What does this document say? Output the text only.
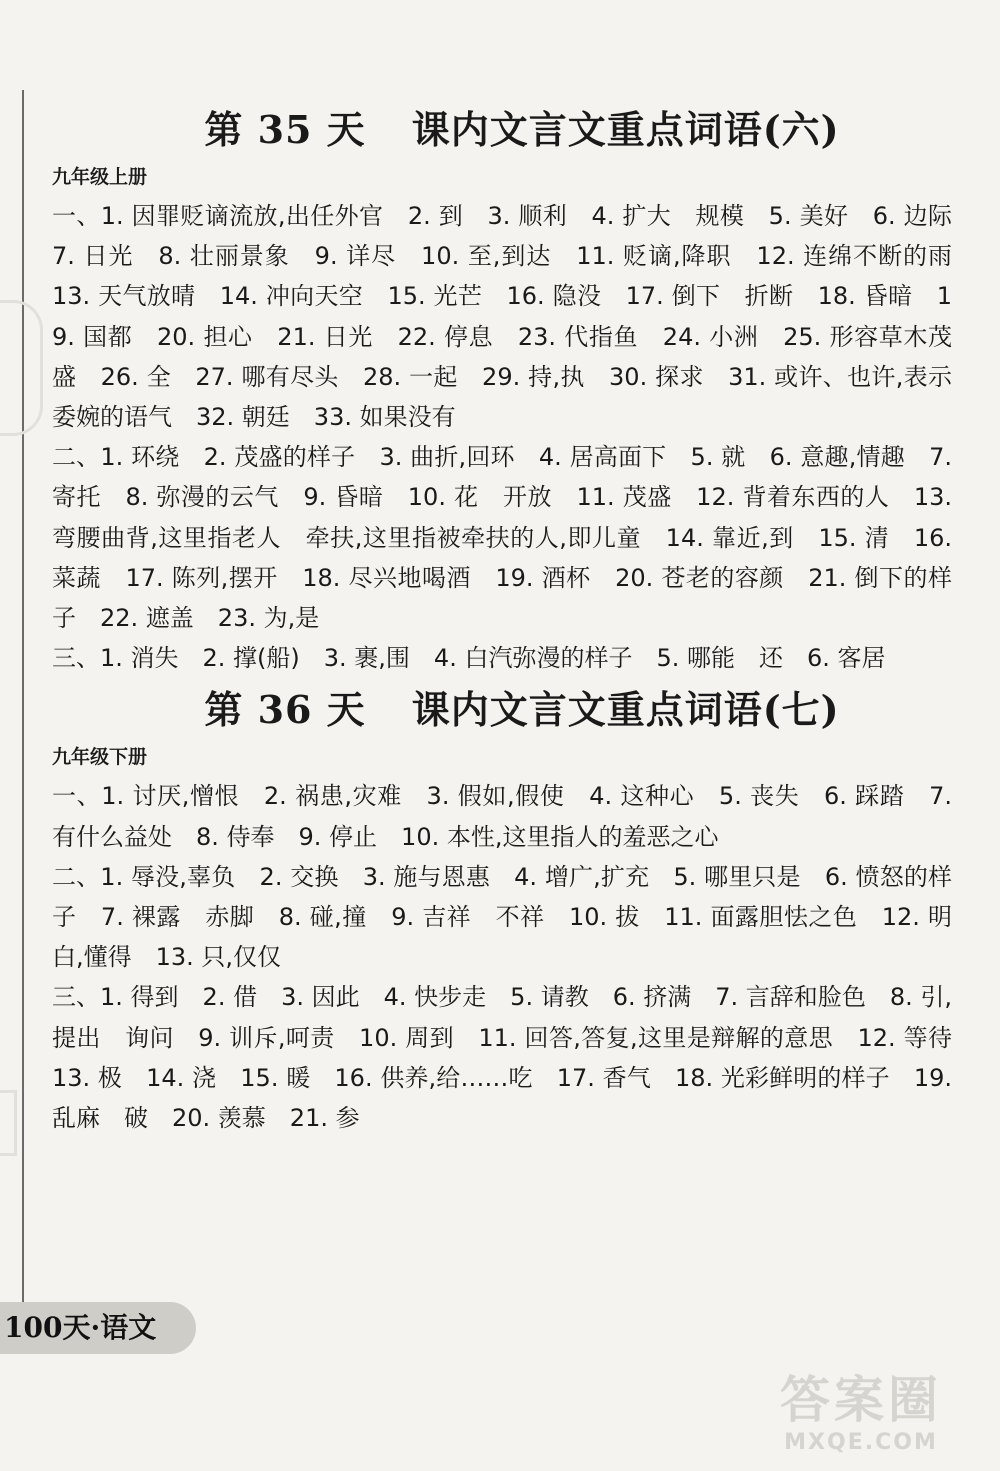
第 35 天 课内文言文重点词语(六)
九年级上册
一、1. 因罪贬谪流放,出任外官　2. 到　3. 顺利　4. 扩大　规模　5. 美好　6. 边际　7. 日光　8. 壮丽景象　9. 详尽　10. 至,到达　11. 贬谪,降职　12. 连绵不断的雨　13. 天气放晴　14. 冲向天空　15. 光芒　16. 隐没　17. 倒下　折断　18. 昏暗　19. 国都　20. 担心　21. 日光　22. 停息　23. 代指鱼　24. 小洲　25. 形容草木茂盛　26. 全　27. 哪有尽头　28. 一起　29. 持,执　30. 探求　31. 或许、也许,表示委婉的语气　32. 朝廷　33. 如果没有
二、1. 环绕　2. 茂盛的样子　3. 曲折,回环　4. 居高面下　5. 就　6. 意趣,情趣　7. 寄托　8. 弥漫的云气　9. 昏暗　10. 花　开放　11. 茂盛　12. 背着东西的人　13. 弯腰曲背,这里指老人　牵扶,这里指被牵扶的人,即儿童　14. 靠近,到　15. 清　16. 菜蔬　17. 陈列,摆开　18. 尽兴地喝酒　19. 酒杯　20. 苍老的容颜　21. 倒下的样子　22. 遮盖　23. 为,是
三、1. 消失　2. 撑(船)　3. 裹,围　4. 白汽弥漫的样子　5. 哪能　还　6. 客居
第 36 天 课内文言文重点词语(七)
九年级下册
一、1. 讨厌,憎恨　2. 祸患,灾难　3. 假如,假使　4. 这种心　5. 丧失　6. 踩踏　7. 有什么益处　8. 侍奉　9. 停止　10. 本性,这里指人的羞恶之心
二、1. 辱没,辜负　2. 交换　3. 施与恩惠　4. 增广,扩充　5. 哪里只是　6. 愤怒的样子　7. 裸露　赤脚　8. 碰,撞　9. 吉祥　不祥　10. 拔　11. 面露胆怯之色　12. 明白,懂得　13. 只,仅仅
三、1. 得到　2. 借　3. 因此　4. 快步走　5. 请教　6. 挤满　7. 言辞和脸色　8. 引,提出　询问　9. 训斥,呵责　10. 周到　11. 回答,答复,这里是辩解的意思　12. 等待　13. 极　14. 浇　15. 暖　16. 供养,给……吃　17. 香气　18. 光彩鲜明的样子　19. 乱麻　破　20. 羡慕　21. 参
100天·语文
答案圈
MXQE.COM
